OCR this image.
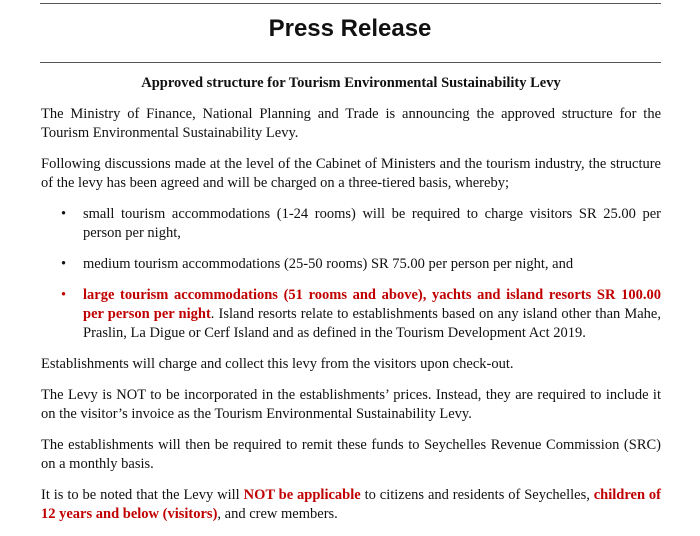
Press Release

Approved structure for Tourism Environmental Sustainability Levy

The Ministry of Finance, National Planning and Trade is announcing the approved structure for the Tourism Environmental Sustainability Levy.

Following discussions made at the level of the Cabinet of Ministers and the tourism industry, the structure of the levy has been agreed and will be charged on a three-tiered basis, whereby;

• small tourism accommodations (1-24 rooms) will be required to charge visitors SR 25.00 per person per night,
• medium tourism accommodations (25-50 rooms) SR 75.00 per person per night, and
• large tourism accommodations (51 rooms and above), yachts and island resorts SR 100.00 per person per night. Island resorts relate to establishments based on any island other than Mahe, Praslin, La Digue or Cerf Island and as defined in the Tourism Development Act 2019.

Establishments will charge and collect this levy from the visitors upon check-out.

The Levy is NOT to be incorporated in the establishments’ prices. Instead, they are required to include it on the visitor’s invoice as the Tourism Environmental Sustainability Levy.

The establishments will then be required to remit these funds to Seychelles Revenue Commission (SRC) on a monthly basis.

It is to be noted that the Levy will NOT be applicable to citizens and residents of Seychelles, children of 12 years and below (visitors), and crew members.
